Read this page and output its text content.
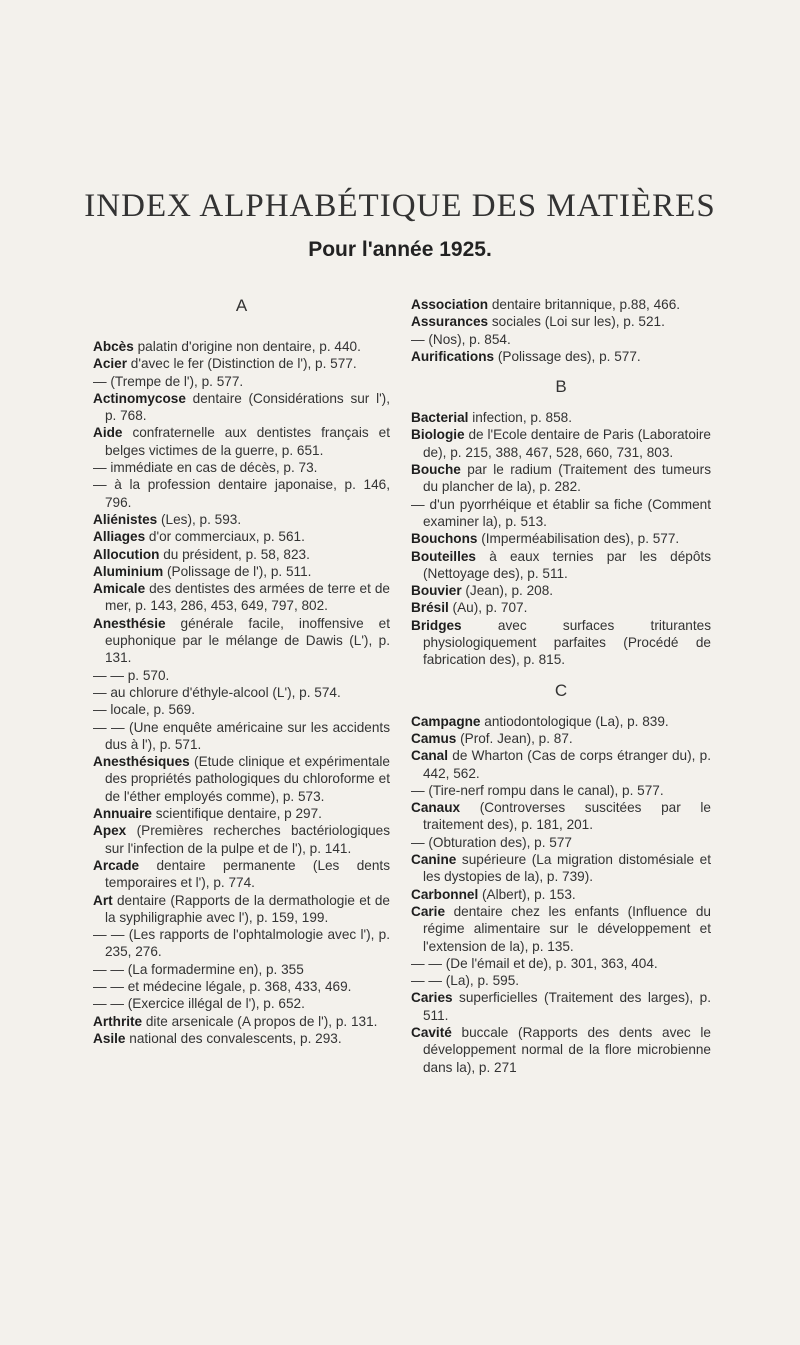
INDEX ALPHABÉTIQUE DES MATIÈRES
Pour l'année 1925.
A

Abcès palatin d'origine non dentaire, p. 440.

Acier d'avec le fer (Distinction de l'), p. 577.

— (Trempe de l'), p. 577.

Actinomycose dentaire (Considérations sur l'), p. 768.

Aide confraternelle aux dentistes français et belges victimes de la guerre, p. 651.

— immédiate en cas de décès, p. 73.

— à la profession dentaire japonaise, p. 146, 796.

Aliénistes (Les), p. 593.

Alliages d'or commerciaux, p. 561.

Allocution du président, p. 58, 823.

Aluminium (Polissage de l'), p. 511.

Amicale des dentistes des armées de terre et de mer, p. 143, 286, 453, 649, 797, 802.

Anesthésie générale facile, inoffensive et euphonique par le mélange de Dawis (L'), p. 131.

— — p. 570.

— au chlorure d'éthyle-alcool (L'), p. 574.

— locale, p. 569.

— — (Une enquête américaine sur les accidents dus à l'), p. 571.

Anesthésiques (Etude clinique et expérimentale des propriétés pathologiques du chloroforme et de l'éther employés comme), p. 573.

Annuaire scientifique dentaire, p 297.

Apex (Premières recherches bactériologiques sur l'infection de la pulpe et de l'), p. 141.

Arcade dentaire permanente (Les dents temporaires et l'), p. 774.

Art dentaire (Rapports de la dermathologie et de la syphiligraphie avec l'), p. 159, 199.

— — (Les rapports de l'ophtalmologie avec l'), p. 235, 276.

— — (La formadermine en), p. 355

— — et médecine légale, p. 368, 433, 469.

— — (Exercice illégal de l'), p. 652.

Arthrite dite arsenicale (A propos de l'), p. 131.

Asile national des convalescents, p. 293.

Association dentaire britannique, p.88, 466.

Assurances sociales (Loi sur les), p. 521.

— (Nos), p. 854.

Aurifications (Polissage des), p. 577.

B

Bacterial infection, p. 858.

Biologie de l'Ecole dentaire de Paris (Laboratoire de), p. 215, 388, 467, 528, 660, 731, 803.

Bouche par le radium (Traitement des tumeurs du plancher de la), p. 282.

— d'un pyorrhéique et établir sa fiche (Comment examiner la), p. 513.

Bouchons (Imperméabilisation des), p. 577.

Bouteilles à eaux ternies par les dépôts (Nettoyage des), p. 511.

Bouvier (Jean), p. 208.

Brésil (Au), p. 707.

Bridges avec surfaces triturantes physiologiquement parfaites (Procédé de fabrication des), p. 815.

C

Campagne antiodontologique (La), p. 839.

Camus (Prof. Jean), p. 87.

Canal de Wharton (Cas de corps étranger du), p. 442, 562.

— (Tire-nerf rompu dans le canal), p. 577.

Canaux (Controverses suscitées par le traitement des), p. 181, 201.

— (Obturation des), p. 577

Canine supérieure (La migration distomésiale et les dystopies de la), p. 739).

Carbonnel (Albert), p. 153.

Carie dentaire chez les enfants (Influence du régime alimentaire sur le développement et l'extension de la), p. 135.

— — (De l'émail et de), p. 301, 363, 404.

— — (La), p. 595.

Caries superficielles (Traitement des larges), p. 511.

Cavité buccale (Rapports des dents avec le développement normal de la flore microbienne dans la), p. 271
